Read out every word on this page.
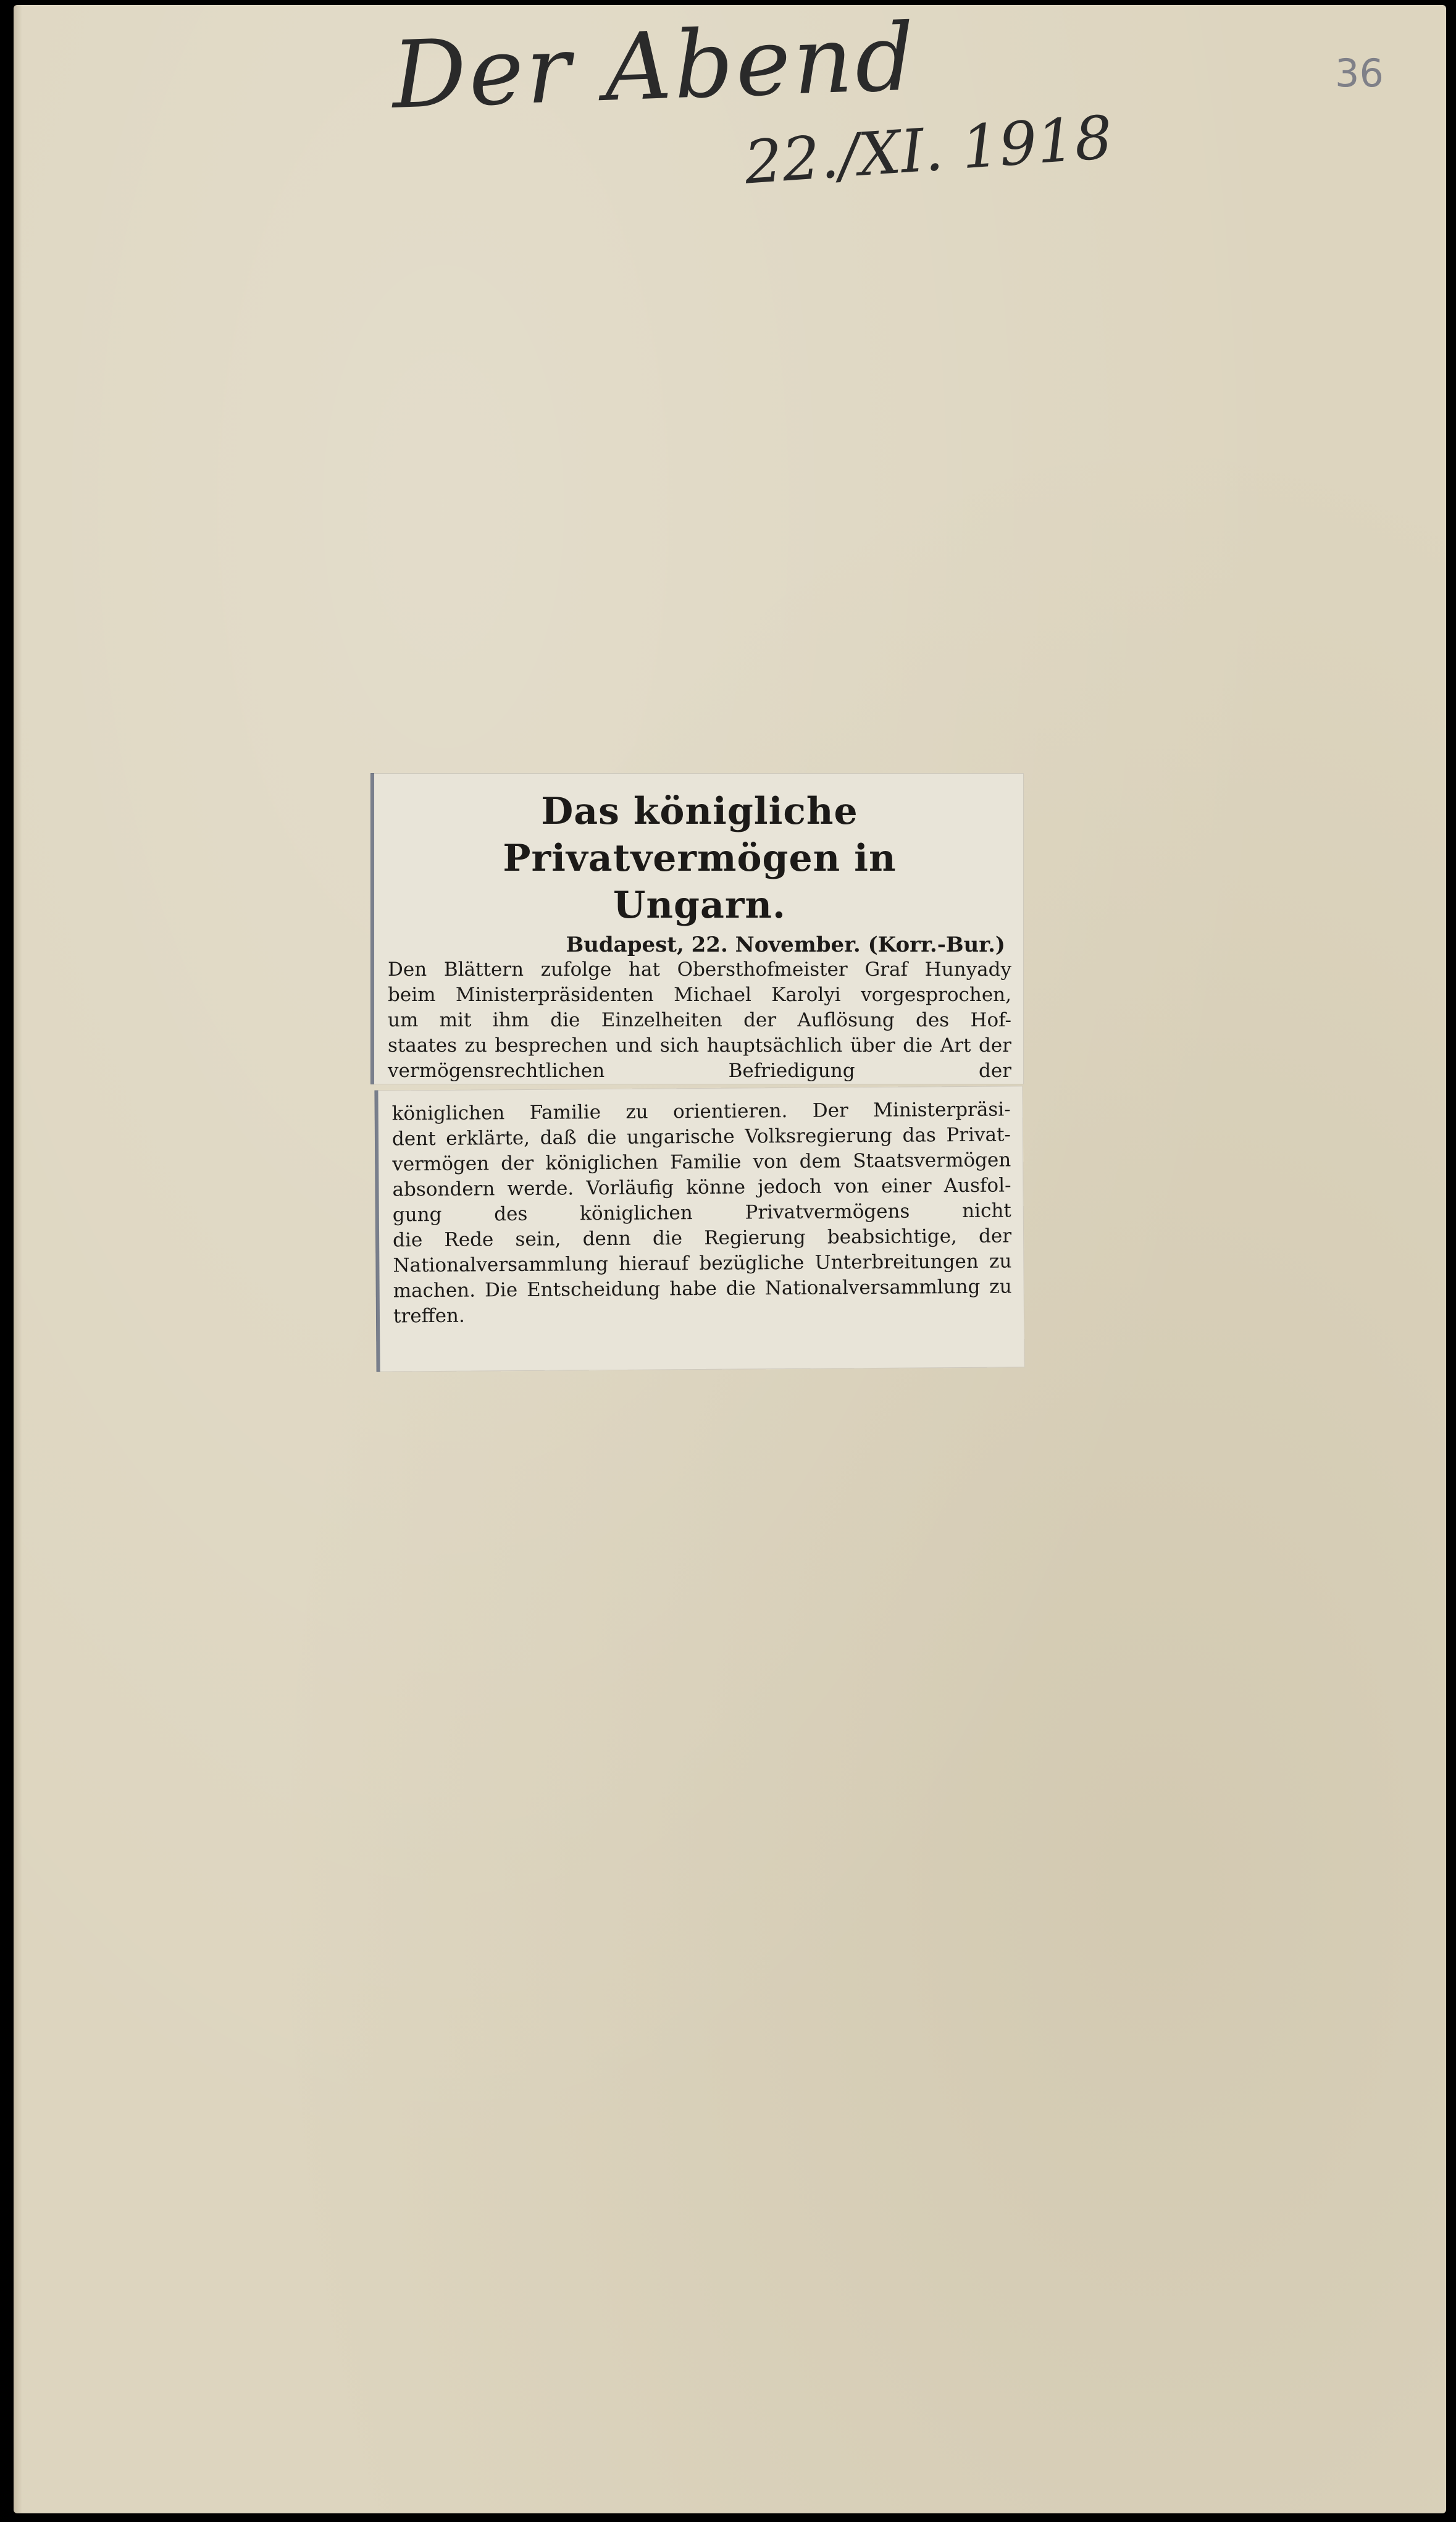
Der Abend
22./XI. 1918
36
Das königliche Privatvermögen in
Ungarn.
Budapest, 22. November. (Korr.-Bur.)
Den Blättern zufolge hat Obersthofmeister Graf Hunyady
beim Ministerpräsidenten Michael Karolyi vorgesprochen,
um mit ihm die Einzelheiten der Auflösung des Hof-
staates zu besprechen und sich hauptsächlich über die Art der
vermögensrechtlichen Befriedigung der
königlichen Familie zu orientieren. Der Ministerpräsi-
dent erklärte, daß die ungarische Volksregierung das Privat-
vermögen der königlichen Familie von dem Staatsvermögen
absondern werde. Vorläufig könne jedoch von einer Ausfol-
gung des königlichen Privatvermögens nicht
die Rede sein, denn die Regierung beabsichtige, der
Nationalversammlung hierauf bezügliche Unterbreitungen zu
machen. Die Entscheidung habe die Nationalversammlung zu
treffen.
